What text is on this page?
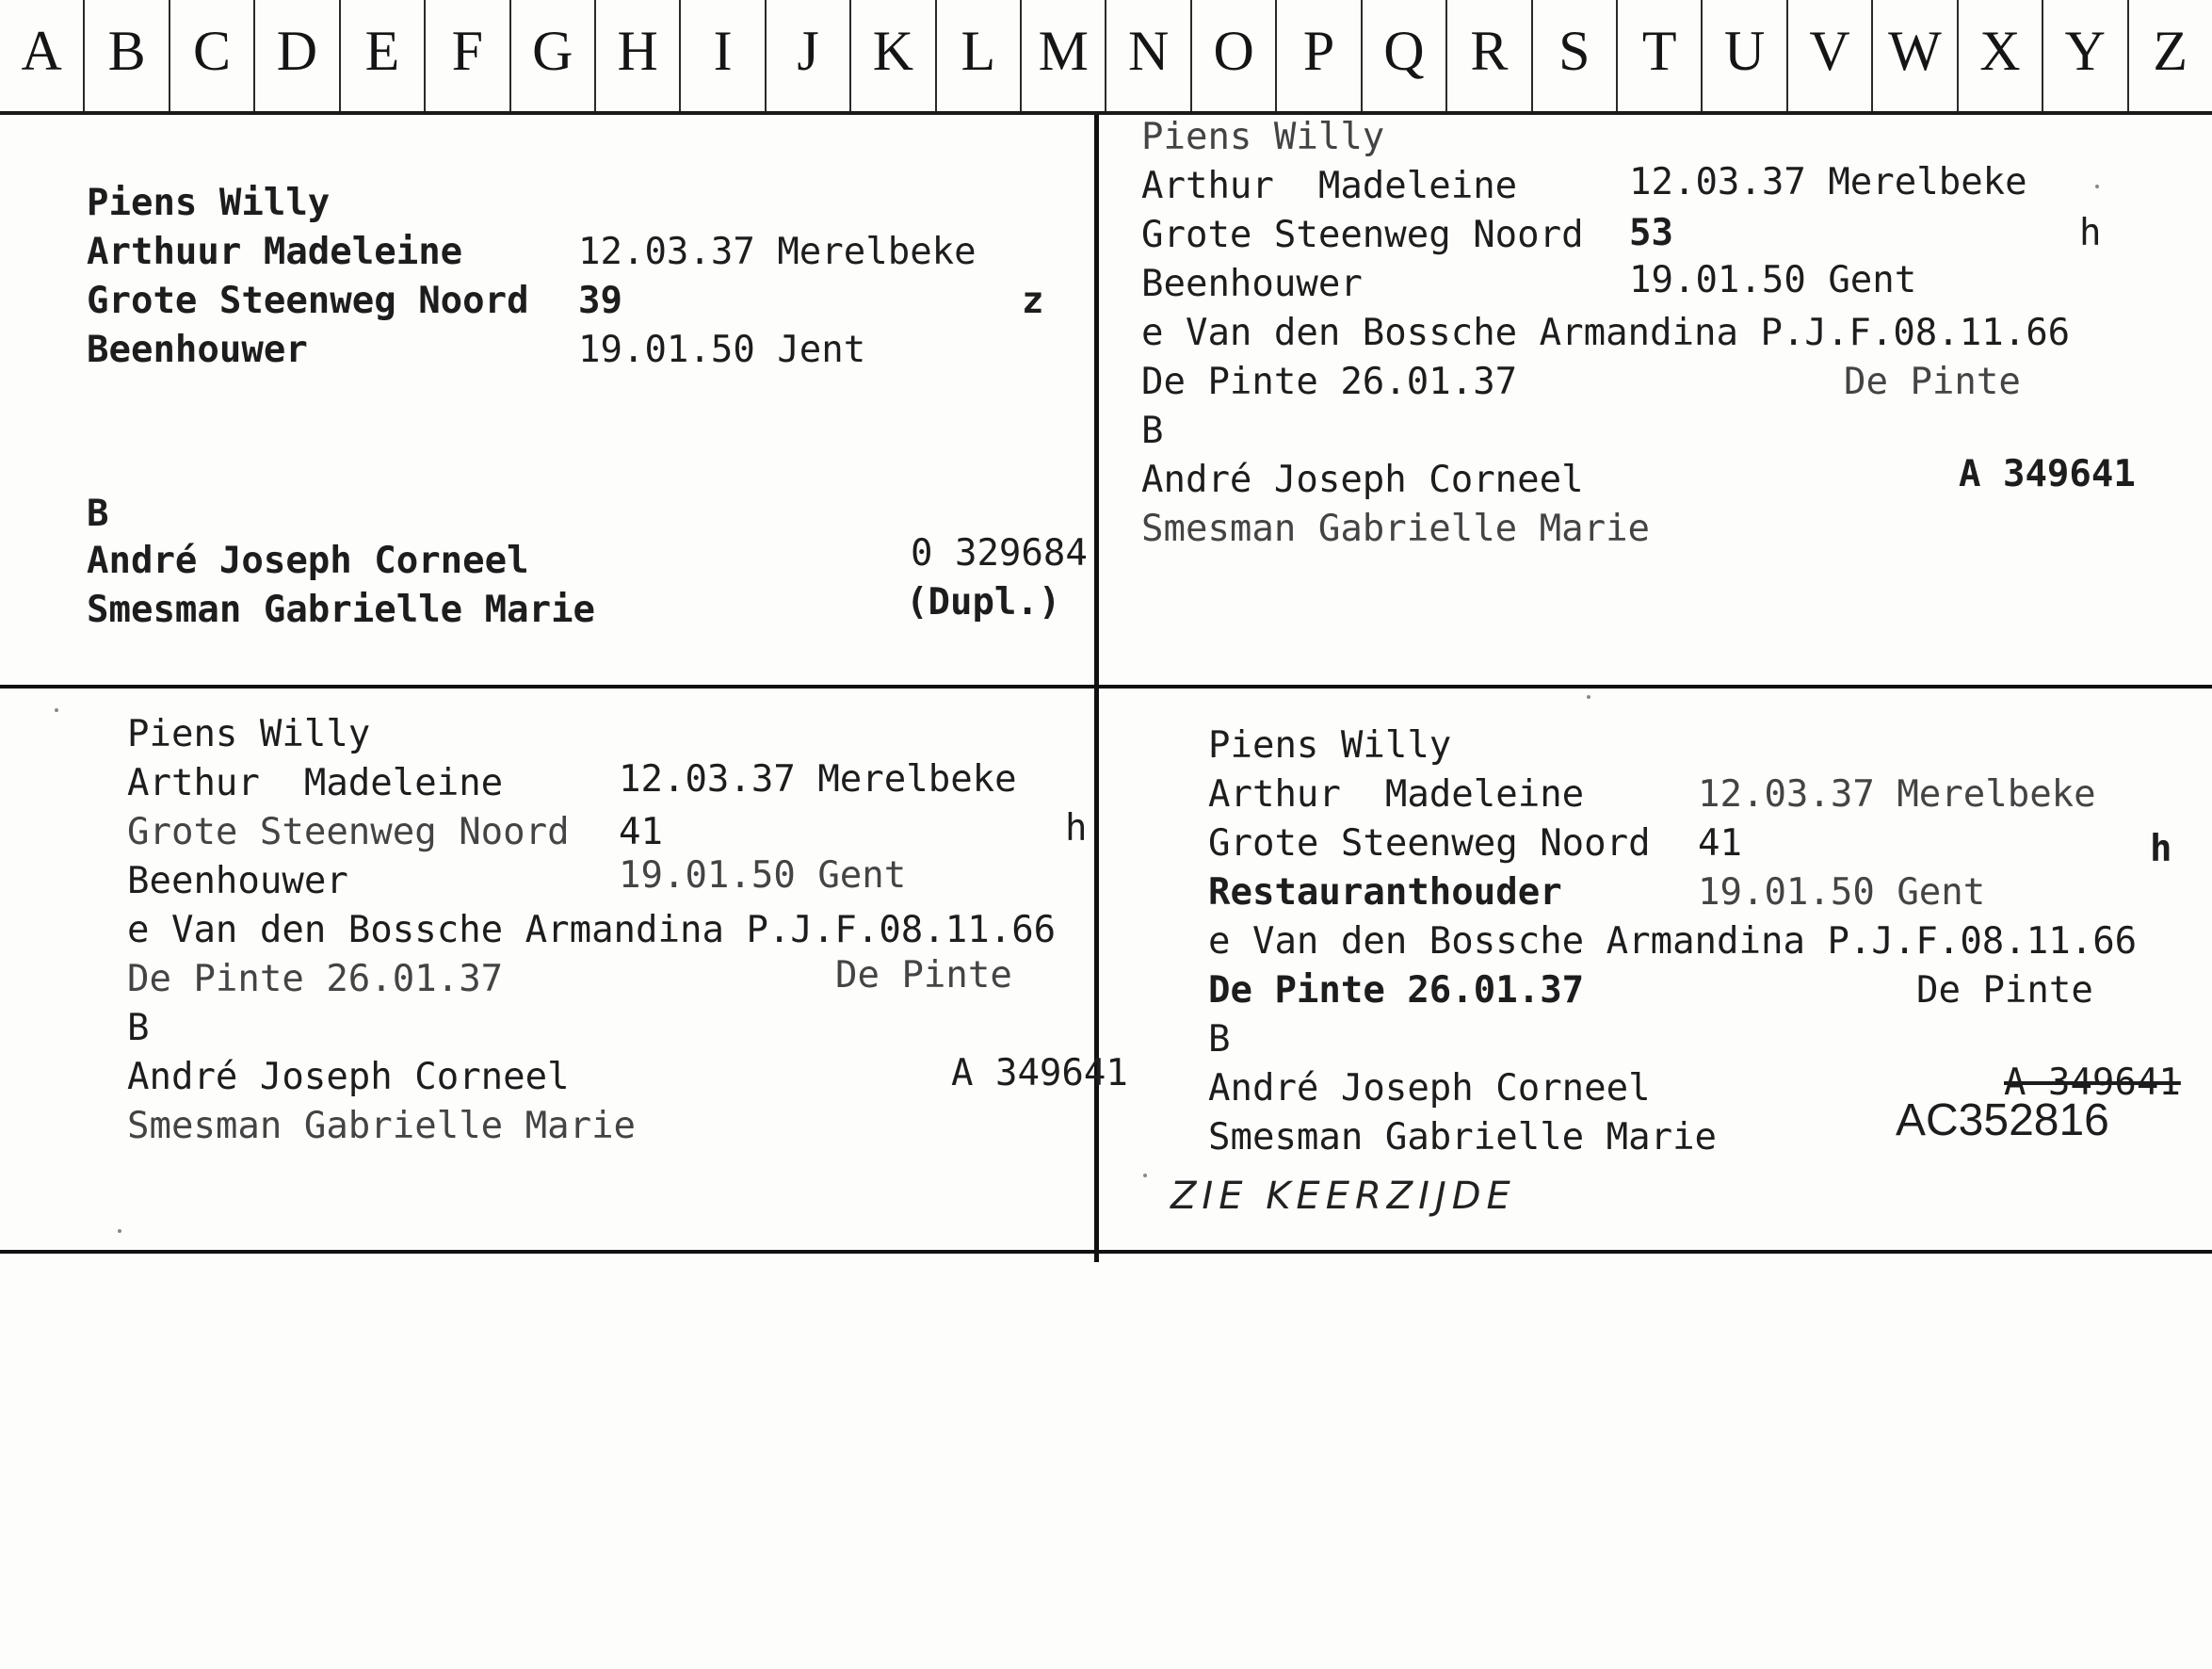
A B C D E F G H I	J K L M N O P Q R S T U V W X Y Z

Piens Willy

Arthuur Madeleine

	12.03.37 Merelbeke

Grote Steenweg Noord

39

	z

Beenhouwer

	19.01.50 Jent

B

André Joseph Corneel

	0 329684

Smesman Gabrielle Marie

	(Dupl.)

Piens Willy

Arthur  Madeleine

	12.03.37 Merelbeke

Grote Steenweg Noord

53

	h

Beenhouwer

	19.01.50 Gent

e Van den Bossche Armandina P.J.F.08.11.66

De Pinte 26.01.37

	De Pinte

B

André Joseph Corneel

	A 349641

Smesman Gabrielle Marie

Piens Willy

Arthur  Madeleine

	12.03.37 Merelbeke

Grote Steenweg Noord

41

	h

Beenhouwer

	19.01.50 Gent

e Van den Bossche Armandina P.J.F.08.11.66

De Pinte 26.01.37

	De Pinte

B

André Joseph Corneel

	A 349641

Smesman Gabrielle Marie

Piens Willy

Arthur  Madeleine

	12.03.37 Merelbeke

Grote Steenweg Noord

41

	h

Restauranthouder

	19.01.50 Gent

e Van den Bossche Armandina P.J.F.08.11.66

De Pinte 26.01.37

	De Pinte

B

André Joseph Corneel

	A 349641

Smesman Gabrielle Marie

	AC352816

ZIE KEERZIJDE
